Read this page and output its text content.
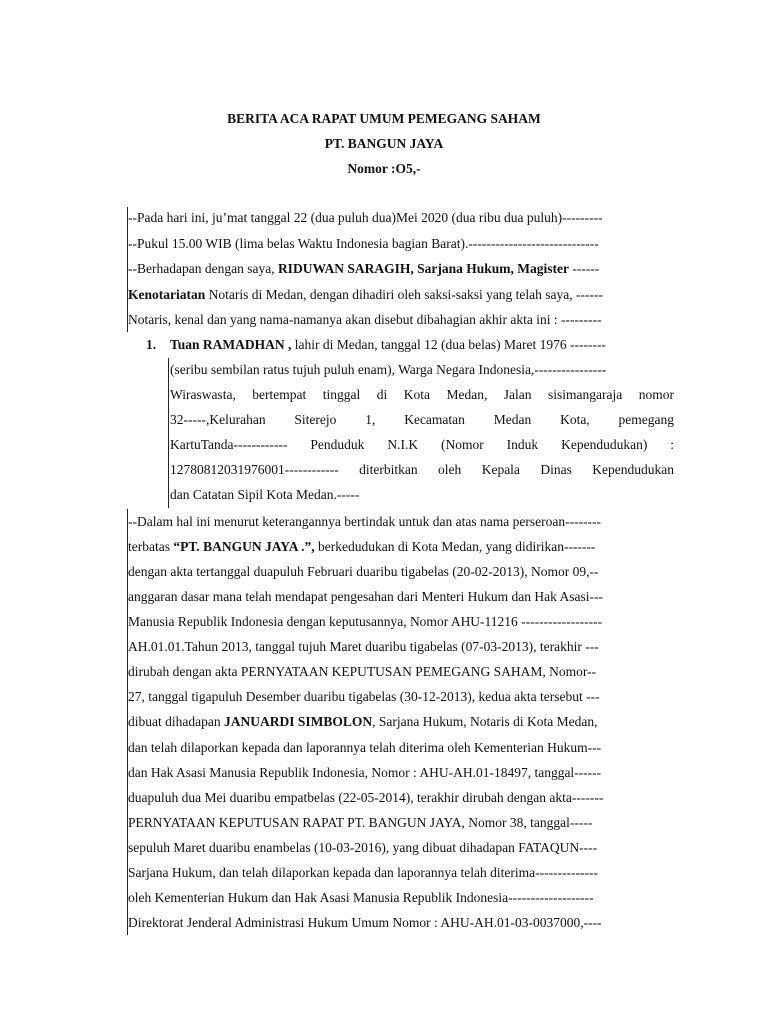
BERITA ACA RAPAT UMUM PEMEGANG SAHAM
PT. BANGUN JAYA
Nomor :O5,-
--Pada hari ini, ju’mat tanggal 22 (dua puluh dua)Mei 2020 (dua ribu dua puluh)---------
--Pukul 15.00 WIB (lima belas Waktu Indonesia bagian Barat).-----------------------------
--Berhadapan dengan saya, RIDUWAN SARAGIH, Sarjana Hukum, Magister ------
Kenotariatan Notaris di Medan, dengan dihadiri oleh saksi-saksi yang telah saya, ------
Notaris, kenal dan yang nama-namanya akan disebut dibahagian akhir akta ini : ---------
1. Tuan RAMADHAN , lahir di Medan, tanggal 12 (dua belas) Maret 1976 --------
(seribu sembilan ratus tujuh puluh enam), Warga Negara Indonesia,----------------
Wiraswasta, bertempat tinggal di Kota Medan, Jalan sisimangaraja nomor
32-----,Kelurahan Siterejo 1, Kecamatan Medan Kota, pemegang
KartuTanda------------ Penduduk N.I.K (Nomor Induk Kependudukan) :
12780812031976001------------ diterbitkan oleh Kepala Dinas Kependudukan
dan Catatan Sipil Kota Medan.-----
--Dalam hal ini menurut keterangannya bertindak untuk dan atas nama perseroan--------
terbatas “PT. BANGUN JAYA .”, berkedudukan di Kota Medan, yang didirikan-------
dengan akta tertanggal duapuluh Februari duaribu tigabelas (20-02-2013), Nomor 09,--
anggaran dasar mana telah mendapat pengesahan dari Menteri Hukum dan Hak Asasi---
Manusia Republik Indonesia dengan keputusannya, Nomor AHU-11216 ------------------
AH.01.01.Tahun 2013, tanggal tujuh Maret duaribu tigabelas (07-03-2013), terakhir ---
dirubah dengan akta PERNYATAAN KEPUTUSAN PEMEGANG SAHAM, Nomor--
27, tanggal tigapuluh Desember duaribu tigabelas (30-12-2013), kedua akta tersebut ---
dibuat dihadapan JANUARDI SIMBOLON, Sarjana Hukum, Notaris di Kota Medan,
dan telah dilaporkan kepada dan laporannya telah diterima oleh Kementerian Hukum---
dan Hak Asasi Manusia Republik Indonesia, Nomor : AHU-AH.01-18497, tanggal------
duapuluh dua Mei duaribu empatbelas (22-05-2014), terakhir dirubah dengan akta-------
PERNYATAAN KEPUTUSAN RAPAT PT. BANGUN JAYA, Nomor 38, tanggal-----
sepuluh Maret duaribu enambelas (10-03-2016), yang dibuat dihadapan FATAQUN----
Sarjana Hukum, dan telah dilaporkan kepada dan laporannya telah diterima--------------
oleh Kementerian Hukum dan Hak Asasi Manusia Republik Indonesia-------------------
Direktorat Jenderal Administrasi Hukum Umum Nomor : AHU-AH.01-03-0037000,----
